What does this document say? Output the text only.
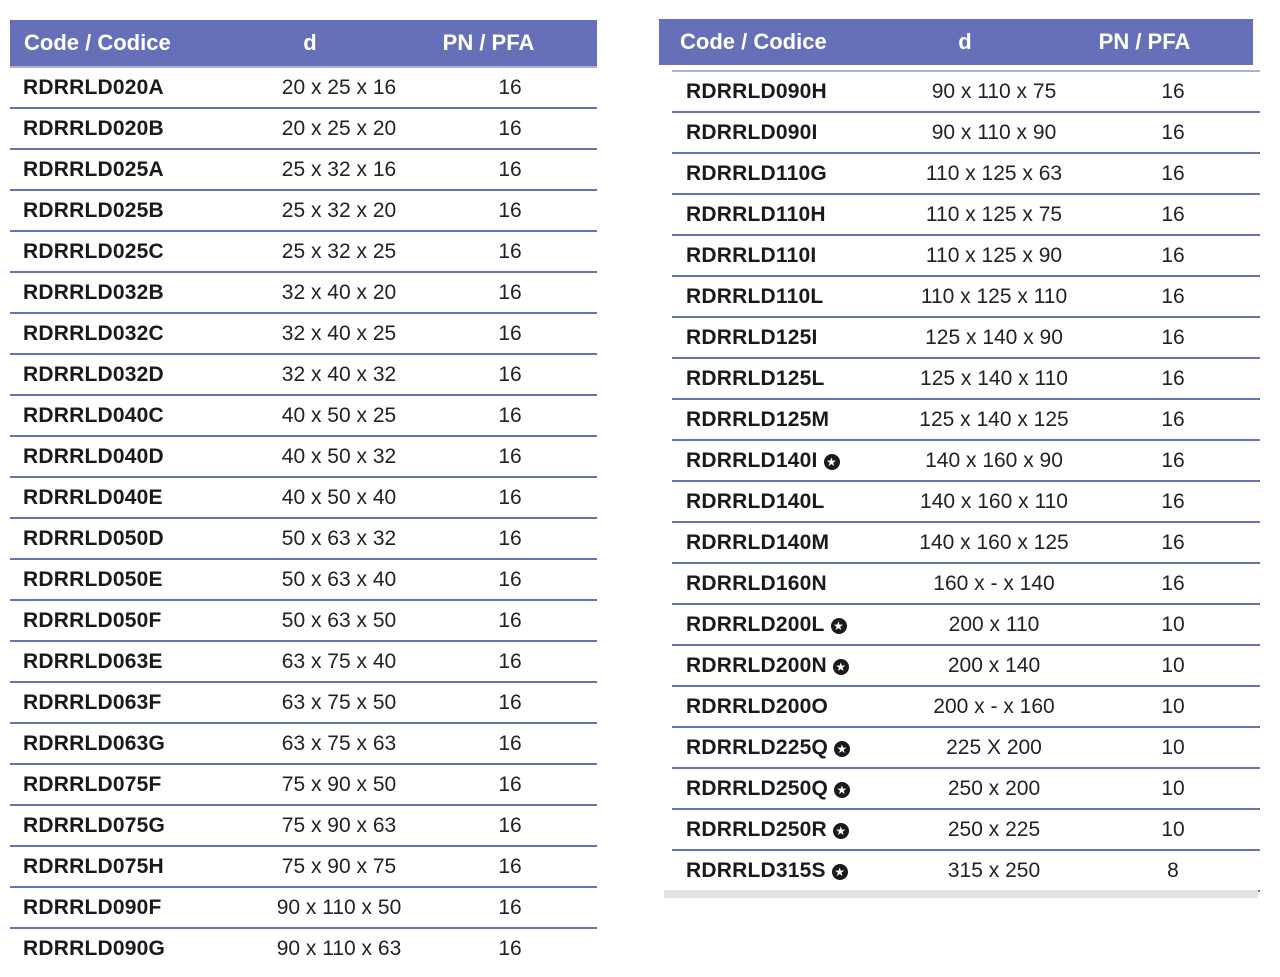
Code / Codice	d	PN / PFA
RDRRLD020A	20 x 25 x 16	16
RDRRLD020B	20 x 25 x 20	16
RDRRLD025A	25 x 32 x 16	16
RDRRLD025B	25 x 32 x 20	16
RDRRLD025C	25 x 32 x 25	16
RDRRLD032B	32 x 40 x 20	16
RDRRLD032C	32 x 40 x 25	16
RDRRLD032D	32 x 40 x 32	16
RDRRLD040C	40 x 50 x 25	16
RDRRLD040D	40 x 50 x 32	16
RDRRLD040E	40 x 50 x 40	16
RDRRLD050D	50 x 63 x 32	16
RDRRLD050E	50 x 63 x 40	16
RDRRLD050F	50 x 63 x 50	16
RDRRLD063E	63 x 75 x 40	16
RDRRLD063F	63 x 75 x 50	16
RDRRLD063G	63 x 75 x 63	16
RDRRLD075F	75 x 90 x 50	16
RDRRLD075G	75 x 90 x 63	16
RDRRLD075H	75 x 90 x 75	16
RDRRLD090F	90 x 110 x 50	16
RDRRLD090G	90 x 110 x 63	16
Code / Codice	d	PN / PFA
RDRRLD090H	90 x 110 x 75	16
RDRRLD090I	90 x 110 x 90	16
RDRRLD110G	110 x 125 x 63	16
RDRRLD110H	110 x 125 x 75	16
RDRRLD110I	110 x 125 x 90	16
RDRRLD110L	110 x 125 x 110	16
RDRRLD125I	125 x 140 x 90	16
RDRRLD125L	125 x 140 x 110	16
RDRRLD125M	125 x 140 x 125	16
RDRRLD140I ★	140 x 160 x 90	16
RDRRLD140L	140 x 160 x 110	16
RDRRLD140M	140 x 160 x 125	16
RDRRLD160N	160 x - x 140	16
RDRRLD200L ★	200 x 110	10
RDRRLD200N ★	200 x 140	10
RDRRLD200O	200 x - x 160	10
RDRRLD225Q ★	225 X 200	10
RDRRLD250Q ★	250 x 200	10
RDRRLD250R ★	250 x 225	10
RDRRLD315S ★	315 x 250	8
